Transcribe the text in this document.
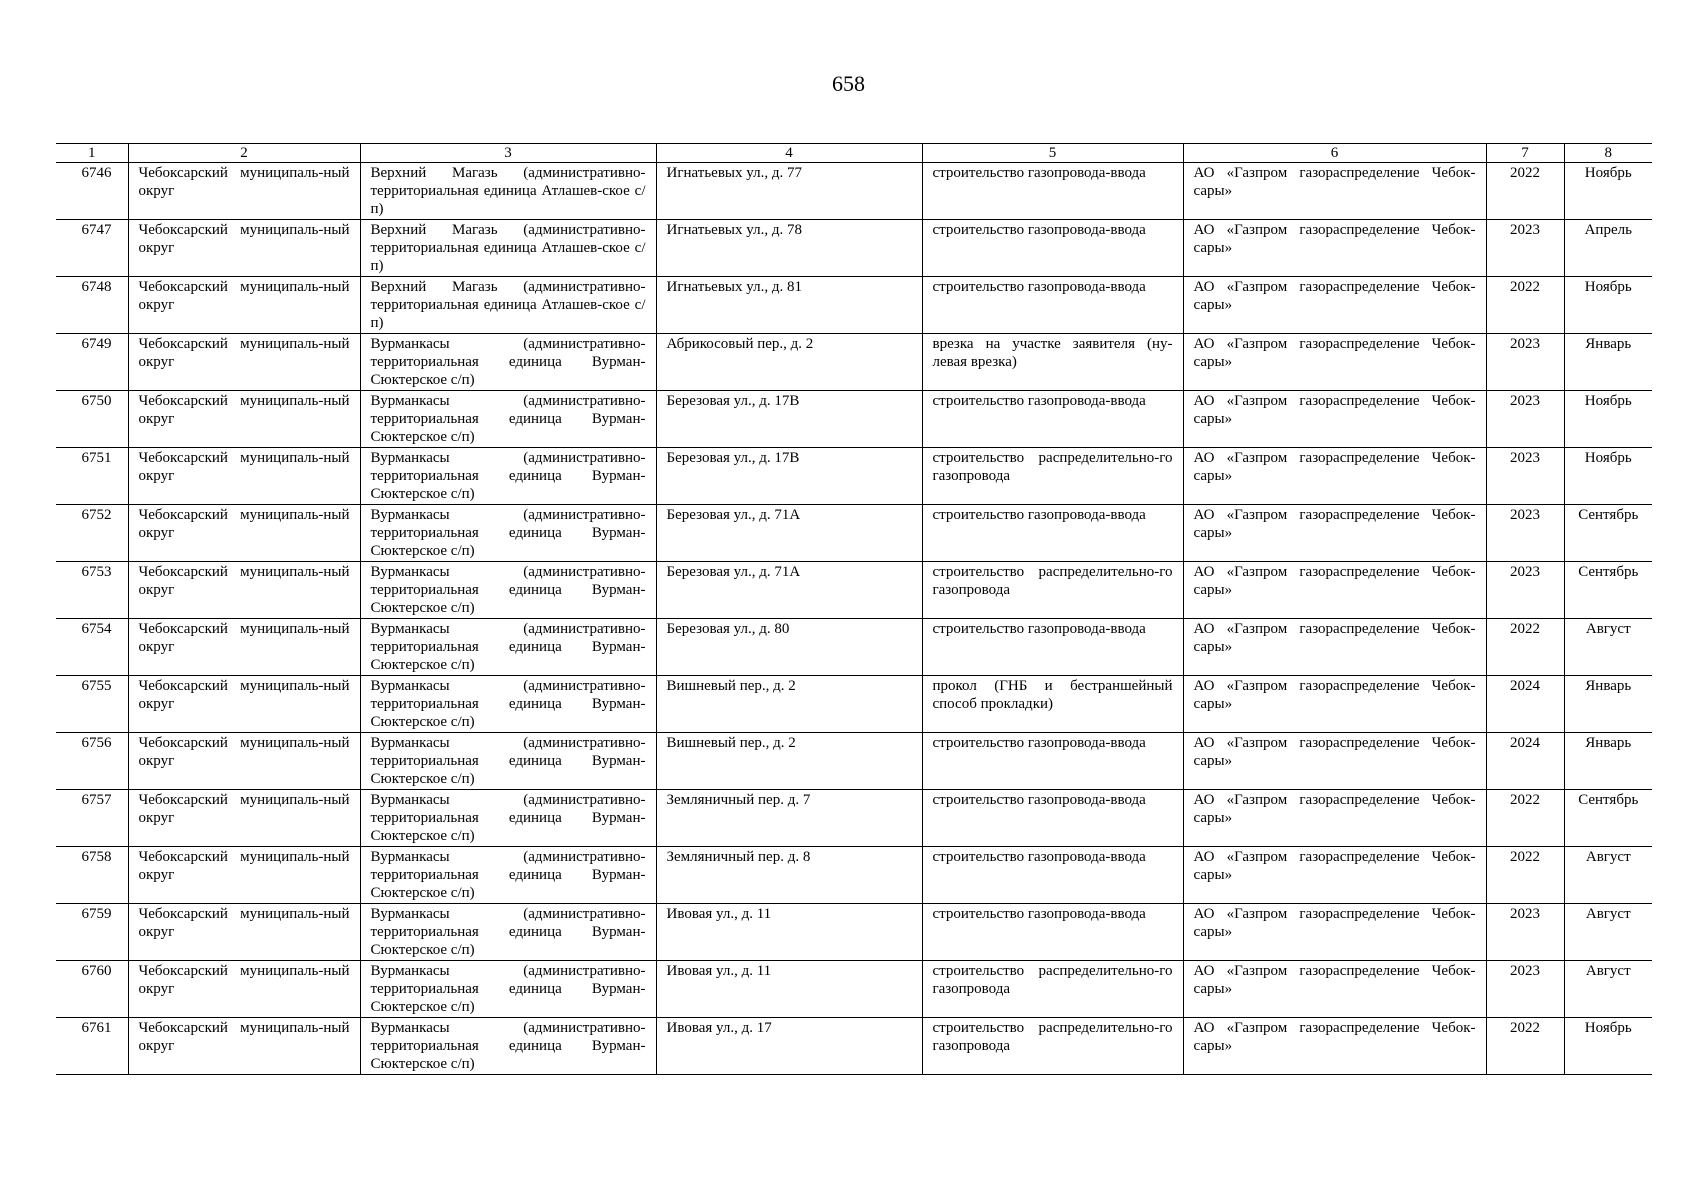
658
1	2	3	4	5	6	7	8
6746	Чебоксарский муниципаль-ный округ	Верхний Магазь (административно-территориальная единица Атлашев-ское с/п)	Игнатьевых ул., д. 77	строительство газопровода-ввода	АО «Газпром газораспределение Чебок-сары»	2022	Ноябрь
6747	Чебоксарский муниципаль-ный округ	Верхний Магазь (административно-территориальная единица Атлашев-ское с/п)	Игнатьевых ул., д. 78	строительство газопровода-ввода	АО «Газпром газораспределение Чебок-сары»	2023	Апрель
6748	Чебоксарский муниципаль-ный округ	Верхний Магазь (административно-территориальная единица Атлашев-ское с/п)	Игнатьевых ул., д. 81	строительство газопровода-ввода	АО «Газпром газораспределение Чебок-сары»	2022	Ноябрь
6749	Чебоксарский муниципаль-ный округ	Вурманкасы (административно-территориальная единица Вурман-Сюктерское с/п)	Абрикосовый пер., д. 2	врезка на участке заявителя (ну-левая врезка)	АО «Газпром газораспределение Чебок-сары»	2023	Январь
6750	Чебоксарский муниципаль-ный округ	Вурманкасы (административно-территориальная единица Вурман-Сюктерское с/п)	Березовая ул., д. 17В	строительство газопровода-ввода	АО «Газпром газораспределение Чебок-сары»	2023	Ноябрь
6751	Чебоксарский муниципаль-ный округ	Вурманкасы (административно-территориальная единица Вурман-Сюктерское с/п)	Березовая ул., д. 17В	строительство распределительно-го газопровода	АО «Газпром газораспределение Чебок-сары»	2023	Ноябрь
6752	Чебоксарский муниципаль-ный округ	Вурманкасы (административно-территориальная единица Вурман-Сюктерское с/п)	Березовая ул., д. 71А	строительство газопровода-ввода	АО «Газпром газораспределение Чебок-сары»	2023	Сентябрь
6753	Чебоксарский муниципаль-ный округ	Вурманкасы (административно-территориальная единица Вурман-Сюктерское с/п)	Березовая ул., д. 71А	строительство распределительно-го газопровода	АО «Газпром газораспределение Чебок-сары»	2023	Сентябрь
6754	Чебоксарский муниципаль-ный округ	Вурманкасы (административно-территориальная единица Вурман-Сюктерское с/п)	Березовая ул., д. 80	строительство газопровода-ввода	АО «Газпром газораспределение Чебок-сары»	2022	Август
6755	Чебоксарский муниципаль-ный округ	Вурманкасы (административно-территориальная единица Вурман-Сюктерское с/п)	Вишневый пер., д. 2	прокол (ГНБ и бестраншейный способ прокладки)	АО «Газпром газораспределение Чебок-сары»	2024	Январь
6756	Чебоксарский муниципаль-ный округ	Вурманкасы (административно-территориальная единица Вурман-Сюктерское с/п)	Вишневый пер., д. 2	строительство газопровода-ввода	АО «Газпром газораспределение Чебок-сары»	2024	Январь
6757	Чебоксарский муниципаль-ный округ	Вурманкасы (административно-территориальная единица Вурман-Сюктерское с/п)	Земляничный пер. д. 7	строительство газопровода-ввода	АО «Газпром газораспределение Чебок-сары»	2022	Сентябрь
6758	Чебоксарский муниципаль-ный округ	Вурманкасы (административно-территориальная единица Вурман-Сюктерское с/п)	Земляничный пер. д. 8	строительство газопровода-ввода	АО «Газпром газораспределение Чебок-сары»	2022	Август
6759	Чебоксарский муниципаль-ный округ	Вурманкасы (административно-территориальная единица Вурман-Сюктерское с/п)	Ивовая ул., д. 11	строительство газопровода-ввода	АО «Газпром газораспределение Чебок-сары»	2023	Август
6760	Чебоксарский муниципаль-ный округ	Вурманкасы (административно-территориальная единица Вурман-Сюктерское с/п)	Ивовая ул., д. 11	строительство распределительно-го газопровода	АО «Газпром газораспределение Чебок-сары»	2023	Август
6761	Чебоксарский муниципаль-ный округ	Вурманкасы (административно-территориальная единица Вурман-Сюктерское с/п)	Ивовая ул., д. 17	строительство распределительно-го газопровода	АО «Газпром газораспределение Чебок-сары»	2022	Ноябрь
